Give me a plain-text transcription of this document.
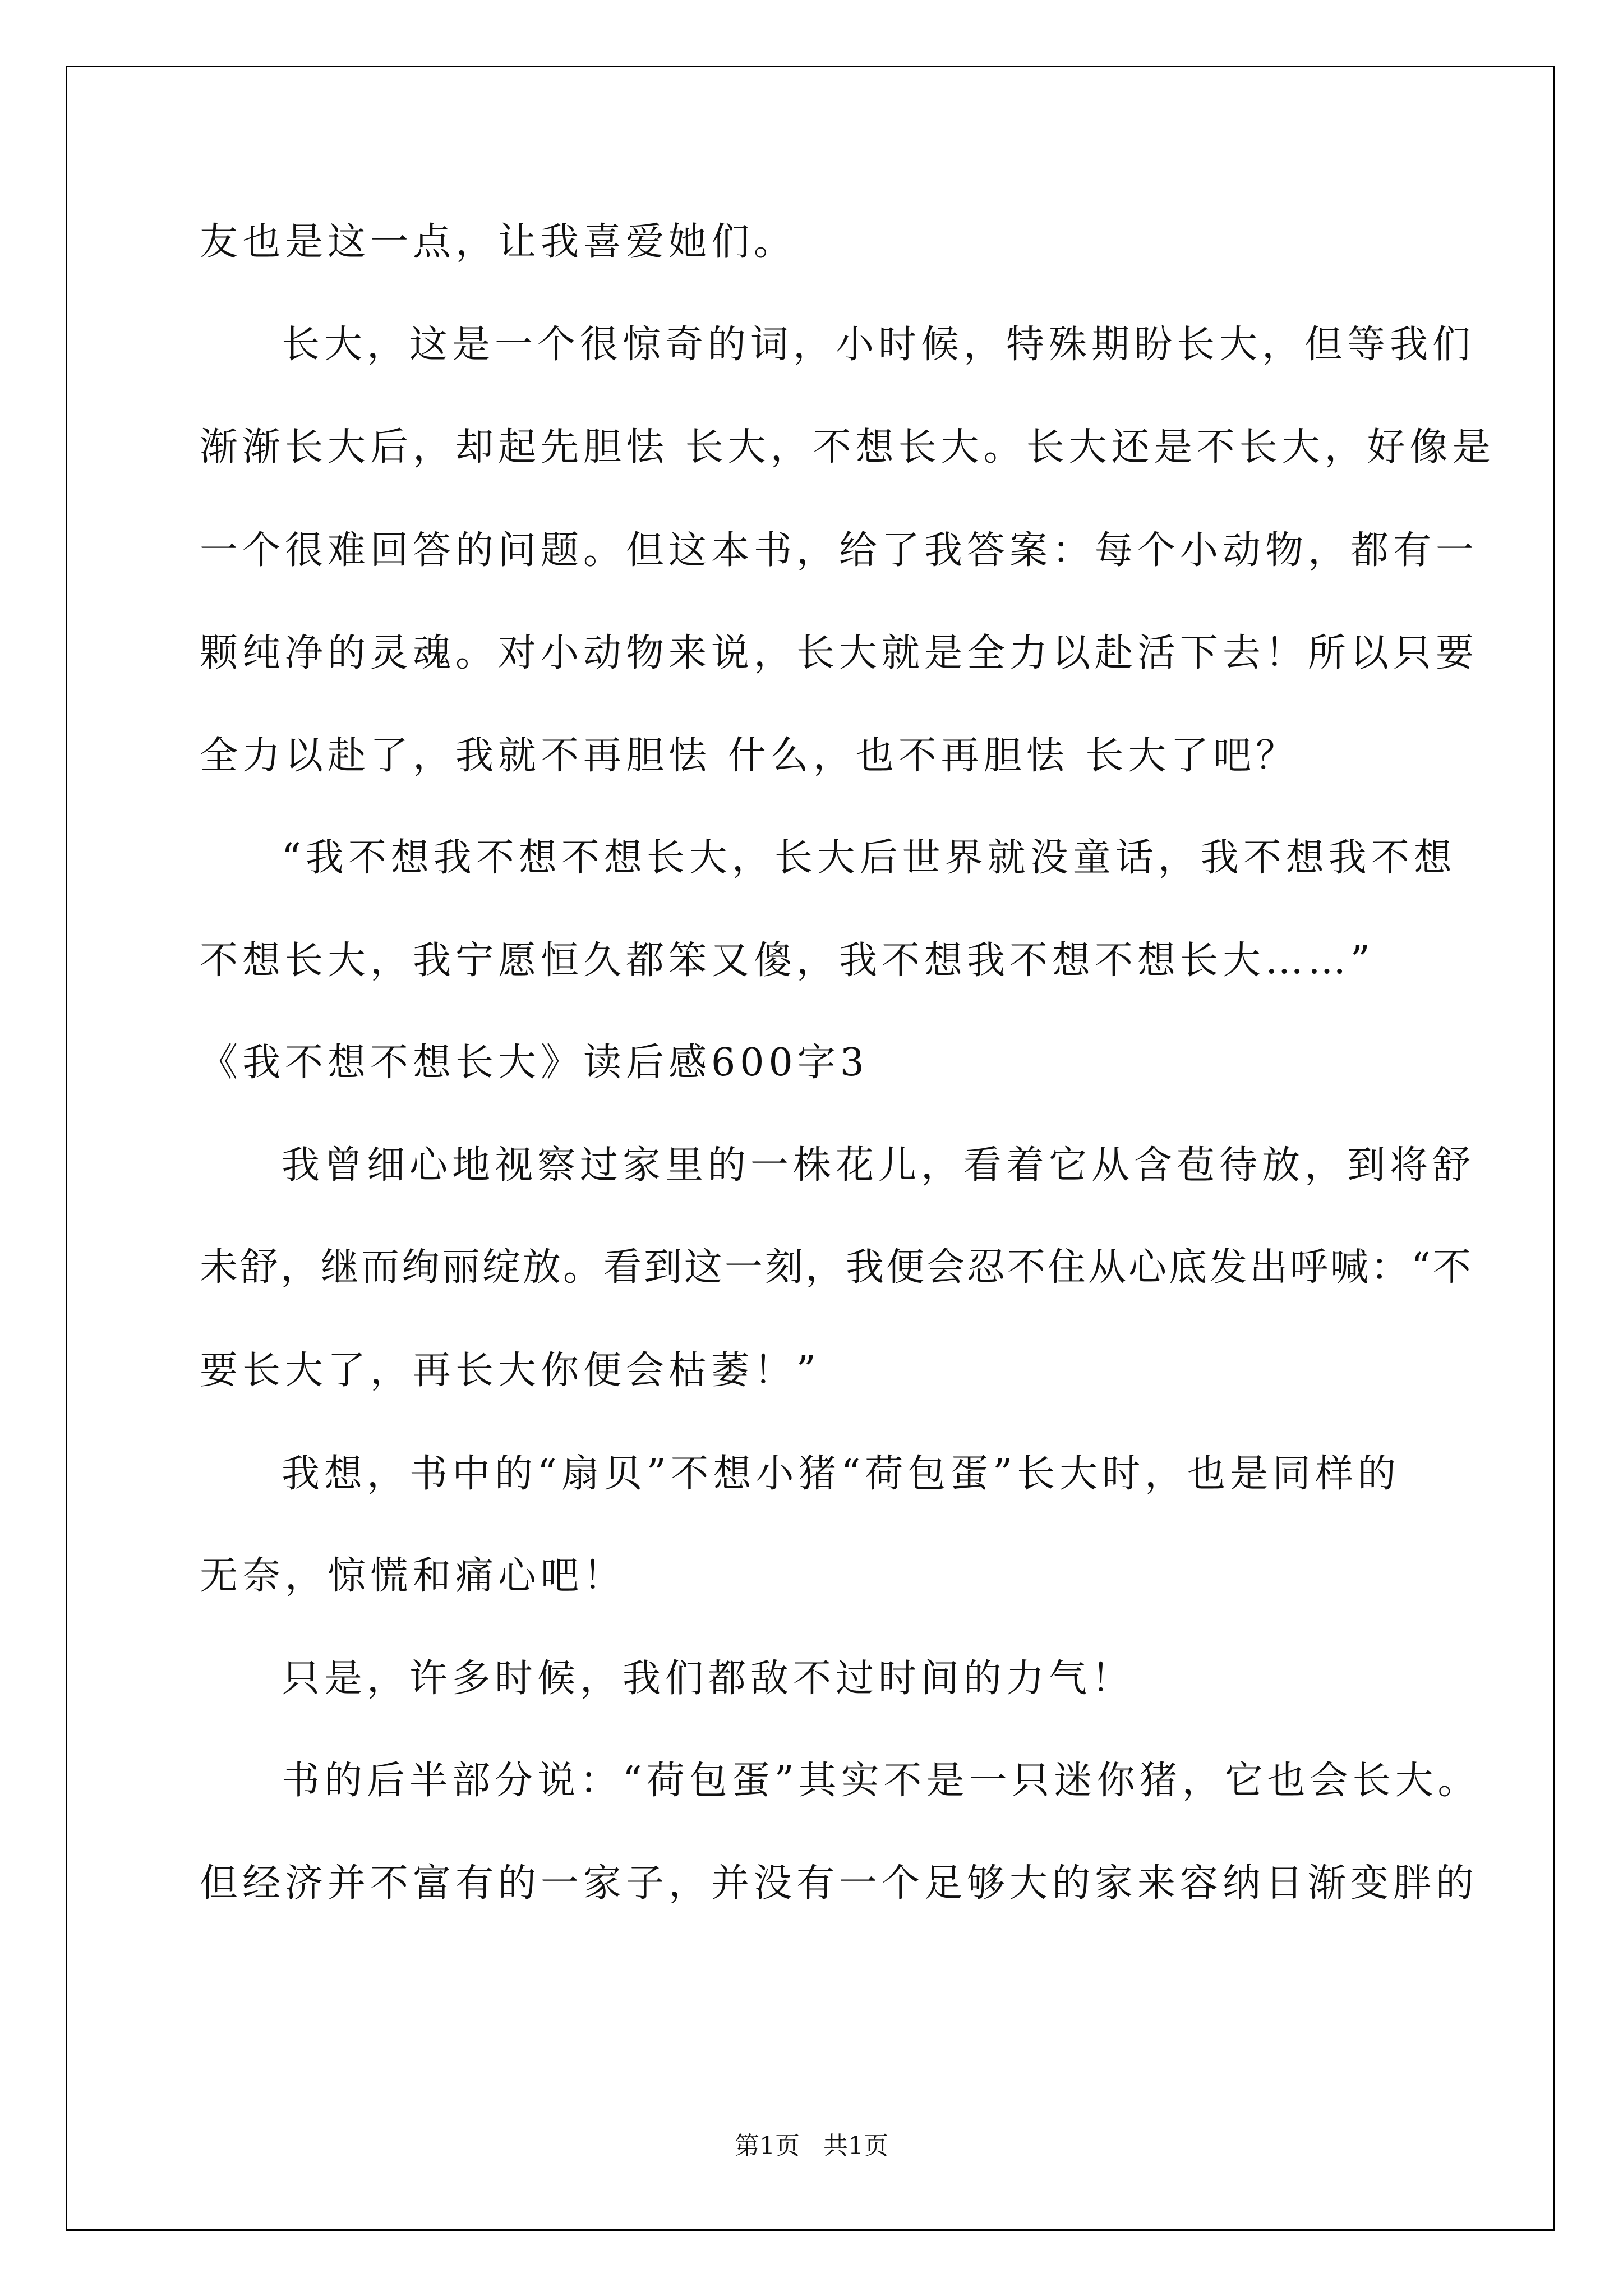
友也是这一点，让我喜爱她们。
长大，这是一个很惊奇的词，小时候，特殊期盼长大，但等我们
渐渐长大后，却起先胆怯 长大，不想长大。长大还是不长大，好像是
一个很难回答的问题。但这本书，给了我答案：每个小动物，都有一
颗纯净的灵魂。对小动物来说，长大就是全力以赴活下去！所以只要
全力以赴了，我就不再胆怯 什么，也不再胆怯 长大了吧？
“我不想我不想不想长大，长大后世界就没童话，我不想我不想
不想长大，我宁愿恒久都笨又傻，我不想我不想不想长大……”
《我不想不想长大》读后感600字3
我曾细心地视察过家里的一株花儿，看着它从含苞待放，到将舒
未舒，继而绚丽绽放。看到这一刻，我便会忍不住从心底发出呼喊：“不
要长大了，再长大你便会枯萎！”
我想，书中的“扇贝”不想小猪“荷包蛋”长大时，也是同样的
无奈，惊慌和痛心吧！
只是，许多时候，我们都敌不过时间的力气！
书的后半部分说：“荷包蛋”其实不是一只迷你猪，它也会长大。
但经济并不富有的一家子，并没有一个足够大的家来容纳日渐变胖的
第1页   共1页
